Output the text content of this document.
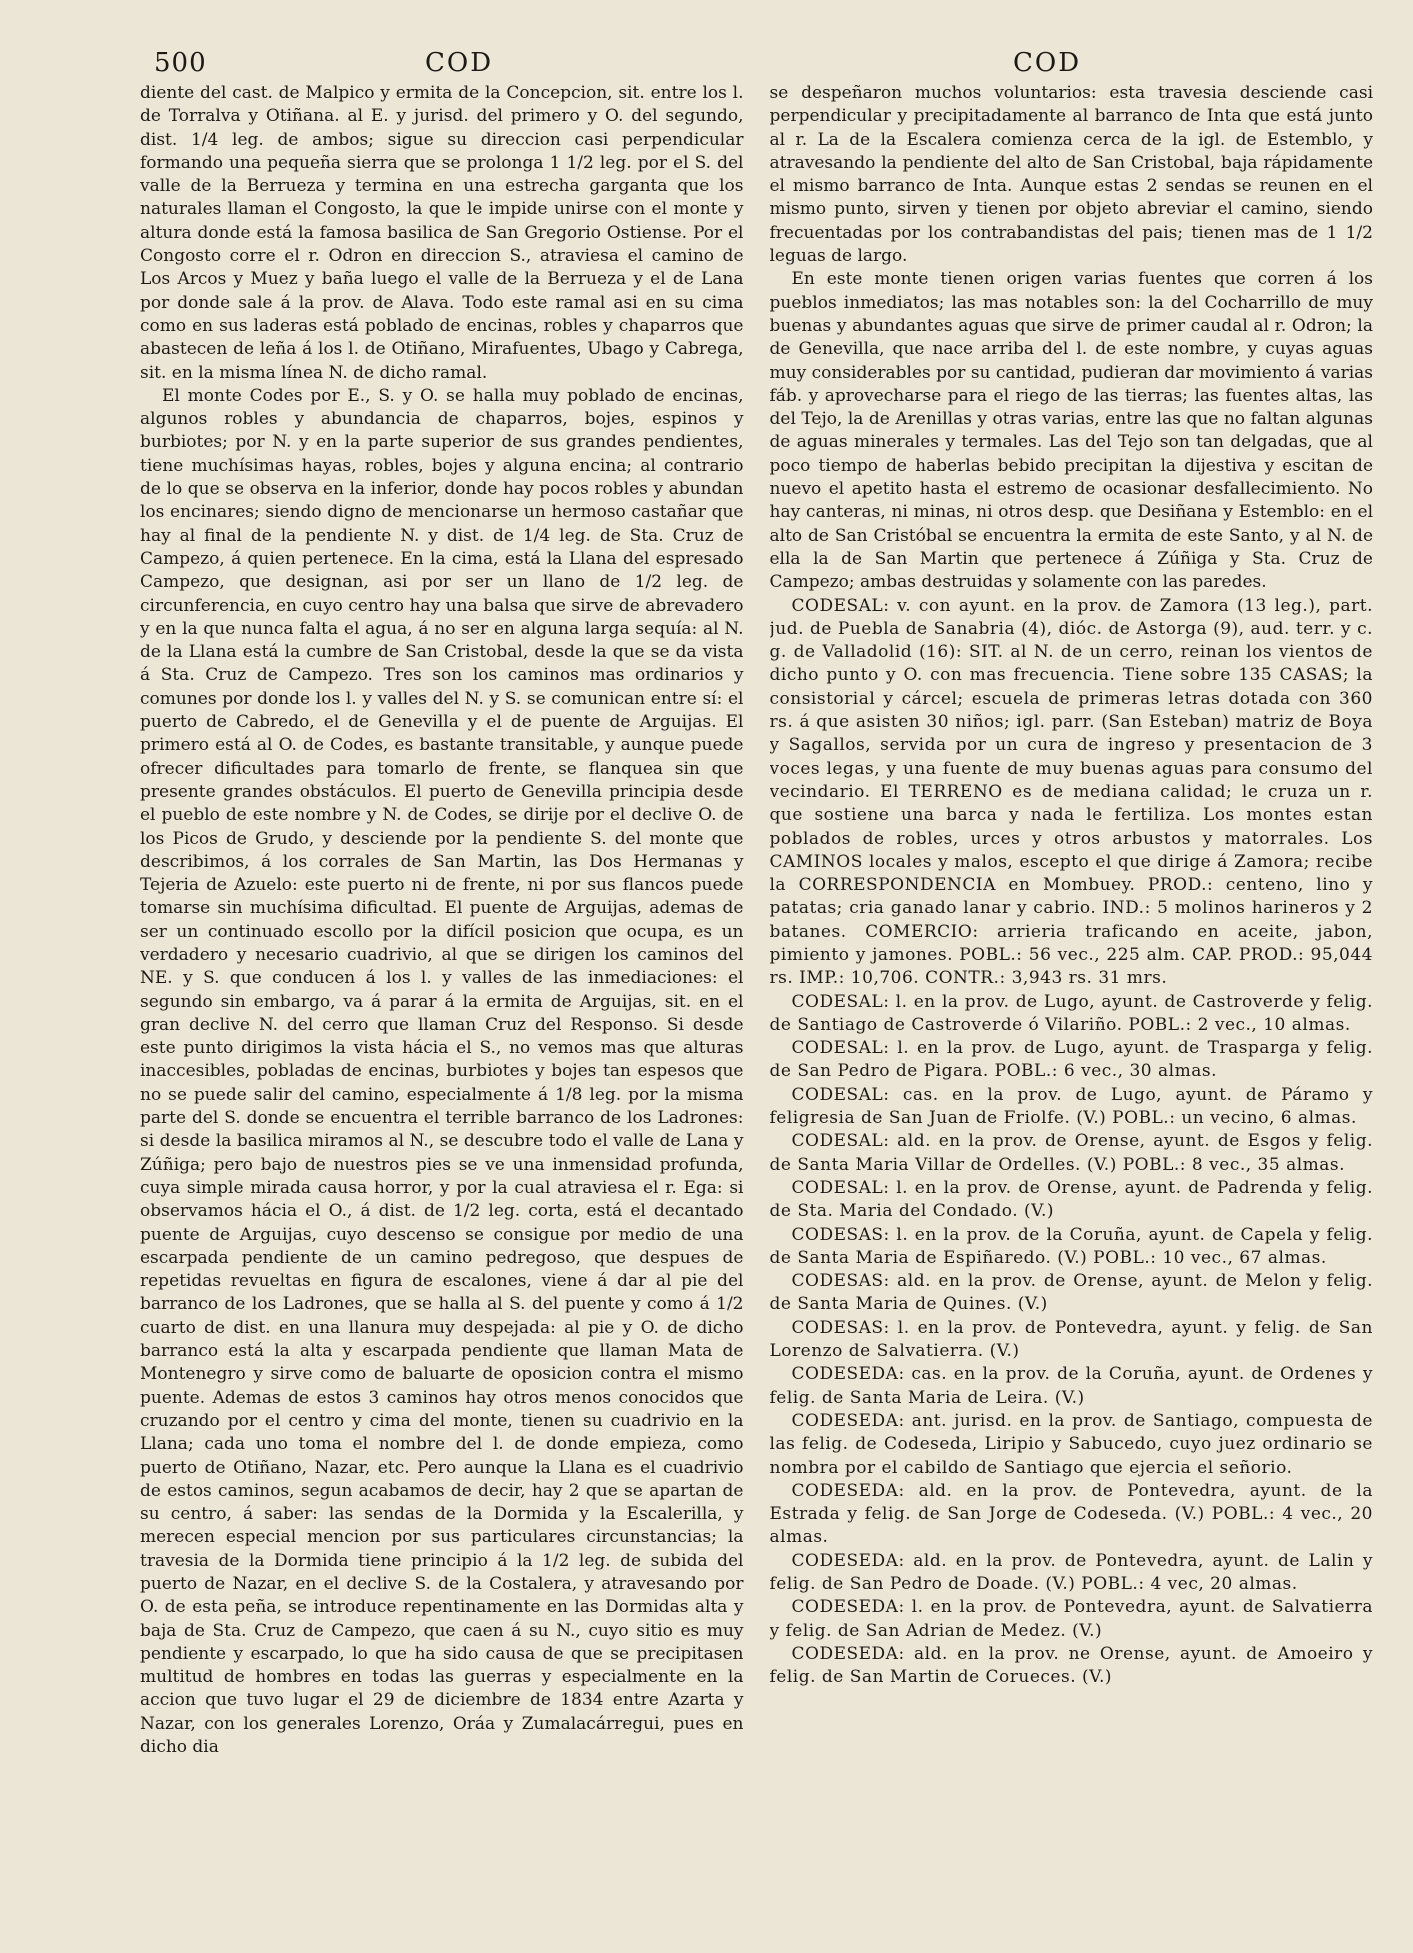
500	COD	COD

diente del cast. de Malpico y ermita de la Concepcion, sit. entre los l. de Torralva y Otiñana. al E. y jurisd. del primero y O. del segundo, dist. 1/4 leg. de ambos; sigue su direccion casi perpendicular formando una pequeña sierra que se prolonga 1 1/2 leg. por el S. del valle de la Berrueza y termina en una estrecha garganta que los naturales llaman el Congosto, la que le impide unirse con el monte y altura donde está la famosa basilica de San Gregorio Ostiense. Por el Congosto corre el r. Odron en direccion S., atraviesa el camino de Los Arcos y Muez y baña luego el valle de la Berrueza y el de Lana por donde sale á la prov. de Alava. Todo este ramal asi en su cima como en sus laderas está poblado de encinas, robles y chaparros que abastecen de leña á los l. de Otiñano, Mirafuentes, Ubago y Cabrega, sit. en la misma línea N. de dicho ramal.

El monte Codes por E., S. y O. se halla muy poblado de encinas, algunos robles y abundancia de chaparros, bojes, espinos y burbiotes; por N. y en la parte superior de sus grandes pendientes, tiene muchísimas hayas, robles, bojes y alguna encina; al contrario de lo que se observa en la inferior, donde hay pocos robles y abundan los encinares; siendo digno de mencionarse un hermoso castañar que hay al final de la pendiente N. y dist. de 1/4 leg. de Sta. Cruz de Campezo, á quien pertenece. En la cima, está la Llana del espresado Campezo, que designan, asi por ser un llano de 1/2 leg. de circunferencia, en cuyo centro hay una balsa que sirve de abrevadero y en la que nunca falta el agua, á no ser en alguna larga sequía: al N. de la Llana está la cumbre de San Cristobal, desde la que se da vista á Sta. Cruz de Campezo. Tres son los caminos mas ordinarios y comunes por donde los l. y valles del N. y S. se comunican entre sí: el puerto de Cabredo, el de Genevilla y el de puente de Arguijas. El primero está al O. de Codes, es bastante transitable, y aunque puede ofrecer dificultades para tomarlo de frente, se flanquea sin que presente grandes obstáculos. El puerto de Genevilla principia desde el pueblo de este nombre y N. de Codes, se dirije por el declive O. de los Picos de Grudo, y desciende por la pendiente S. del monte que describimos, á los corrales de San Martin, las Dos Hermanas y Tejeria de Azuelo: este puerto ni de frente, ni por sus flancos puede tomarse sin muchísima dificultad. El puente de Arguijas, ademas de ser un continuado escollo por la difícil posicion que ocupa, es un verdadero y necesario cuadrivio, al que se dirigen los caminos del NE. y S. que conducen á los l. y valles de las inmediaciones: el segundo sin embargo, va á parar á la ermita de Arguijas, sit. en el gran declive N. del cerro que llaman Cruz del Responso. Si desde este punto dirigimos la vista hácia el S., no vemos mas que alturas inaccesibles, pobladas de encinas, burbiotes y bojes tan espesos que no se puede salir del camino, especialmente á 1/8 leg. por la misma parte del S. donde se encuentra el terrible barranco de los Ladrones: si desde la basilica miramos al N., se descubre todo el valle de Lana y Zúñiga; pero bajo de nuestros pies se ve una inmensidad profunda, cuya simple mirada causa horror, y por la cual atraviesa el r. Ega: si observamos hácia el O., á dist. de 1/2 leg. corta, está el decantado puente de Arguijas, cuyo descenso se consigue por medio de una escarpada pendiente de un camino pedregoso, que despues de repetidas revueltas en figura de escalones, viene á dar al pie del barranco de los Ladrones, que se halla al S. del puente y como á 1/2 cuarto de dist. en una llanura muy despejada: al pie y O. de dicho barranco está la alta y escarpada pendiente que llaman Mata de Montenegro y sirve como de baluarte de oposicion contra el mismo puente. Ademas de estos 3 caminos hay otros menos conocidos que cruzando por el centro y cima del monte, tienen su cuadrivio en la Llana; cada uno toma el nombre del l. de donde empieza, como puerto de Otiñano, Nazar, etc. Pero aunque la Llana es el cuadrivio de estos caminos, segun acabamos de decir, hay 2 que se apartan de su centro, á saber: las sendas de la Dormida y la Escalerilla, y merecen especial mencion por sus particulares circunstancias; la travesia de la Dormida tiene principio á la 1/2 leg. de subida del puerto de Nazar, en el declive S. de la Costalera, y atravesando por O. de esta peña, se introduce repentinamente en las Dormidas alta y baja de Sta. Cruz de Campezo, que caen á su N., cuyo sitio es muy pendiente y escarpado, lo que ha sido causa de que se precipitasen multitud de hombres en todas las guerras y especialmente en la accion que tuvo lugar el 29 de diciembre de 1834 entre Azarta y Nazar, con los generales Lorenzo, Oráa y Zumalacárregui, pues en dicho dia

se despeñaron muchos voluntarios: esta travesia desciende casi perpendicular y precipitadamente al barranco de Inta que está junto al r. La de la Escalera comienza cerca de la igl. de Estemblo, y atravesando la pendiente del alto de San Cristobal, baja rápidamente el mismo barranco de Inta. Aunque estas 2 sendas se reunen en el mismo punto, sirven y tienen por objeto abreviar el camino, siendo frecuentadas por los contrabandistas del pais; tienen mas de 1 1/2 leguas de largo.

En este monte tienen origen varias fuentes que corren á los pueblos inmediatos; las mas notables son: la del Cocharrillo de muy buenas y abundantes aguas que sirve de primer caudal al r. Odron; la de Genevilla, que nace arriba del l. de este nombre, y cuyas aguas muy considerables por su cantidad, pudieran dar movimiento á varias fáb. y aprovecharse para el riego de las tierras; las fuentes altas, las del Tejo, la de Arenillas y otras varias, entre las que no faltan algunas de aguas minerales y termales. Las del Tejo son tan delgadas, que al poco tiempo de haberlas bebido precipitan la dijestiva y escitan de nuevo el apetito hasta el estremo de ocasionar desfallecimiento. No hay canteras, ni minas, ni otros desp. que Desiñana y Estemblo: en el alto de San Cristóbal se encuentra la ermita de este Santo, y al N. de ella la de San Martin que pertenece á Zúñiga y Sta. Cruz de Campezo; ambas destruidas y solamente con las paredes.

CODESAL: v. con ayunt. en la prov. de Zamora (13 leg.), part. jud. de Puebla de Sanabria (4), dióc. de Astorga (9), aud. terr. y c. g. de Valladolid (16): SIT. al N. de un cerro, reinan los vientos de dicho punto y O. con mas frecuencia. Tiene sobre 135 CASAS; la consistorial y cárcel; escuela de primeras letras dotada con 360 rs. á que asisten 30 niños; igl. parr. (San Esteban) matriz de Boya y Sagallos, servida por un cura de ingreso y presentacion de 3 voces legas, y una fuente de muy buenas aguas para consumo del vecindario. El TERRENO es de mediana calidad; le cruza un r. que sostiene una barca y nada le fertiliza. Los montes estan poblados de robles, urces y otros arbustos y matorrales. Los CAMINOS locales y malos, escepto el que dirige á Zamora; recibe la CORRESPONDENCIA en Mombuey. PROD.: centeno, lino y patatas; cria ganado lanar y cabrio. IND.: 5 molinos harineros y 2 batanes. COMERCIO: arrieria traficando en aceite, jabon, pimiento y jamones. POBL.: 56 vec., 225 alm. CAP. PROD.: 95,044 rs. IMP.: 10,706. CONTR.: 3,943 rs. 31 mrs.

CODESAL: l. en la prov. de Lugo, ayunt. de Castroverde y felig. de Santiago de Castroverde ó Vilariño. POBL.: 2 vec., 10 almas.

CODESAL: l. en la prov. de Lugo, ayunt. de Trasparga y felig. de San Pedro de Pigara. POBL.: 6 vec., 30 almas.

CODESAL: cas. en la prov. de Lugo, ayunt. de Páramo y feligresia de San Juan de Friolfe. (V.) POBL.: un vecino, 6 almas.

CODESAL: ald. en la prov. de Orense, ayunt. de Esgos y felig. de Santa Maria Villar de Ordelles. (V.) POBL.: 8 vec., 35 almas.

CODESAL: l. en la prov. de Orense, ayunt. de Padrenda y felig. de Sta. Maria del Condado. (V.)

CODESAS: l. en la prov. de la Coruña, ayunt. de Capela y felig. de Santa Maria de Espiñaredo. (V.) POBL.: 10 vec., 67 almas.

CODESAS: ald. en la prov. de Orense, ayunt. de Melon y felig. de Santa Maria de Quines. (V.)

CODESAS: l. en la prov. de Pontevedra, ayunt. y felig. de San Lorenzo de Salvatierra. (V.)

CODESEDA: cas. en la prov. de la Coruña, ayunt. de Ordenes y felig. de Santa Maria de Leira. (V.)

CODESEDA: ant. jurisd. en la prov. de Santiago, compuesta de las felig. de Codeseda, Liripio y Sabucedo, cuyo juez ordinario se nombra por el cabildo de Santiago que ejercia el señorio.

CODESEDA: ald. en la prov. de Pontevedra, ayunt. de la Estrada y felig. de San Jorge de Codeseda. (V.) POBL.: 4 vec., 20 almas.

CODESEDA: ald. en la prov. de Pontevedra, ayunt. de Lalin y felig. de San Pedro de Doade. (V.) POBL.: 4 vec, 20 almas.

CODESEDA: l. en la prov. de Pontevedra, ayunt. de Salvatierra y felig. de San Adrian de Medez. (V.)

CODESEDA: ald. en la prov. ne Orense, ayunt. de Amoeiro y felig. de San Martin de Corueces. (V.)
